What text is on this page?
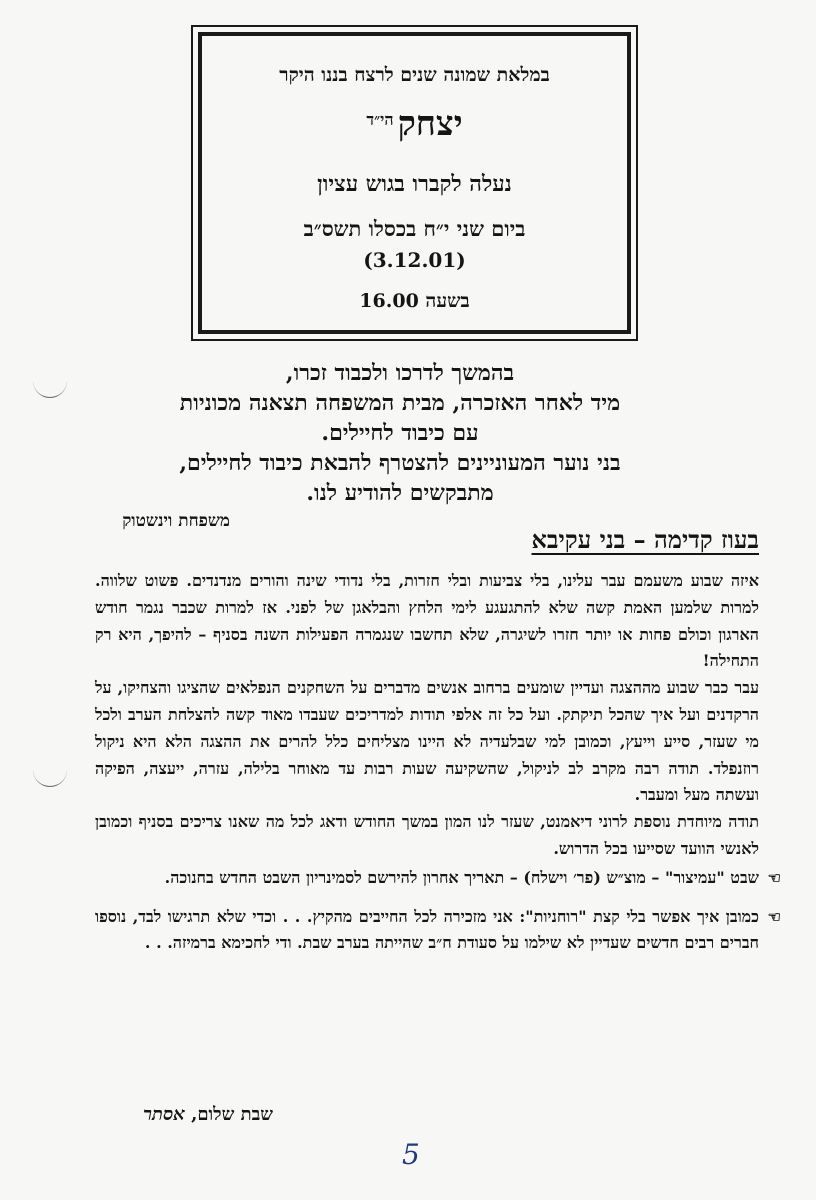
במלאת שמונה שנים לרצח בננו היקר
יצחק$^{הי״ד}$
נעלה לקברו בגוש עציון
ביום שני י״ח בכסלו תשס״ב
(3.12.01)
בשעה 16.00
בהמשך לדרכו ולכבוד זכרו,
מיד לאחר האזכרה, מבית המשפחה תצאנה מכוניות
עם כיבוד לחיילים.
בני נוער המעוניינים להצטרף להבאת כיבוד לחיילים,
מתבקשים להודיע לנו.
משפחת וינשטוק
בעוז קדימה – בני עקיבא

איזה שבוע משעמם עבר עלינו, בלי צביעות ובלי חזרות, בלי נדודי שינה והורים מנדנדים. פשוט שלווה. למרות שלמען האמת קשה שלא להתגעגע לימי הלחץ והבלאגן של לפני. אז למרות שכבר נגמר חודש הארגון וכולם פחות או יותר חזרו לשיגרה, שלא תחשבו שנגמרה הפעילות השנה בסניף – להיפך, היא רק התחילה!

עבר כבר שבוע מההצגה ועדיין שומעים ברחוב אנשים מדברים על השחקנים הנפלאים שהציגו והצחיקו, על הרקדנים ועל איך שהכל תיקתק. ועל כל זה אלפי תודות למדריכים שעבדו מאוד קשה להצלחת הערב ולכל מי שעזר, סייע וייעץ, וכמובן למי שבלעדיה לא היינו מצליחים כלל להרים את ההצגה הלא היא ניקול רוזנפלד. תודה רבה מקרב לב לניקול, שהשקיעה שעות רבות עד מאוחר בלילה, עזרה, ייעצה, הפיקה ועשתה מעל ומעבר.

תודה מיוחדת נוספת לרוני דיאמנט, שעזר לנו המון במשך החודש ודאג לכל מה שאנו צריכים בסניף וכמובן לאנשי הוועד שסייעו בכל הדרוש.

☜
שבט "עמיצור" – מוצ״ש (פר׳ וישלח) – תאריך אחרון להירשם לסמינריון השבט החדש בחנוכה.

☜
כמובן איך אפשר בלי קצת "רוחניות": אני מזכירה לכל החייבים מהקיץ. . . וכדי שלא תרגישו לבד, נוספו חברים רבים חדשים שעדיין לא שילמו על סעודת ח״ב שהייתה בערב שבת. ודי לחכימא ברמיזה. . .

שבת שלום, אסתר
5
